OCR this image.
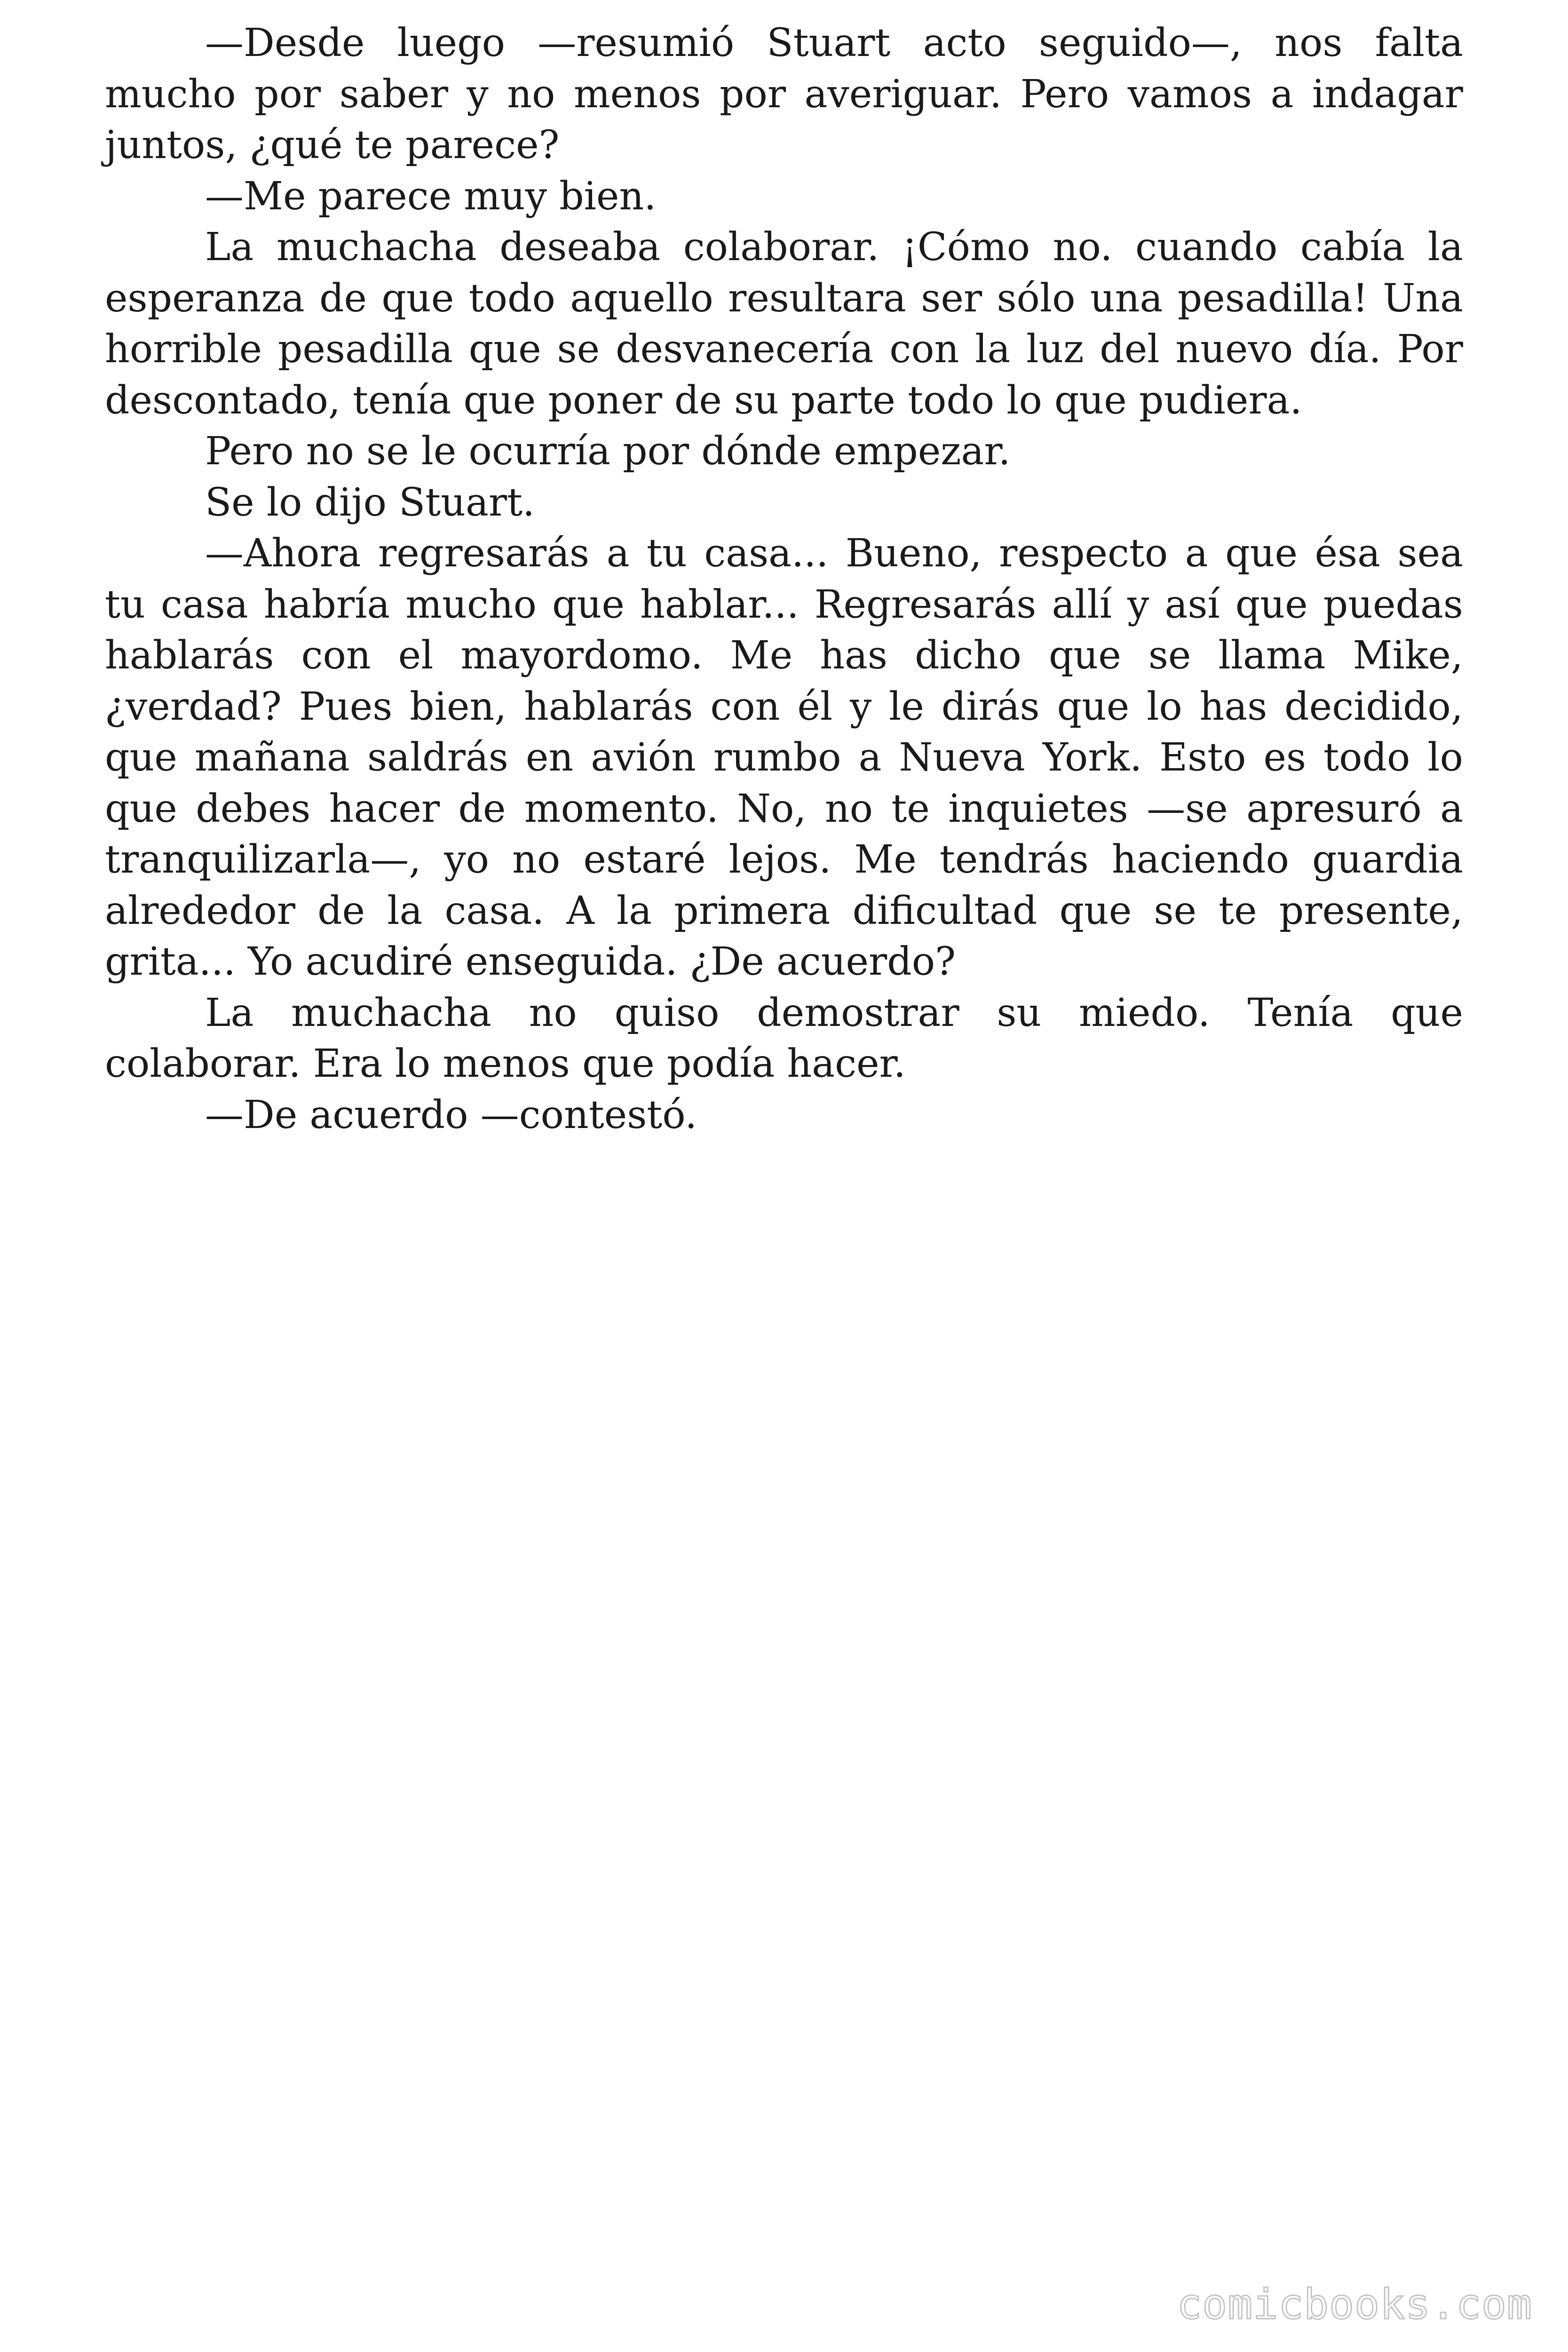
—Desde luego —resumió Stuart acto seguido—, nos falta mucho por saber y no menos por averiguar. Pero vamos a indagar juntos, ¿qué te parece?

—Me parece muy bien.

La muchacha deseaba colaborar. ¡Cómo no. cuando cabía la esperanza de que todo aquello resultara ser sólo una pesadilla! Una horrible pesadilla que se desvanecería con la luz del nuevo día. Por descontado, tenía que poner de su parte todo lo que pudiera.

Pero no se le ocurría por dónde empezar.

Se lo dijo Stuart.

—Ahora regresarás a tu casa... Bueno, respecto a que ésa sea tu casa habría mucho que hablar... Regresarás allí y así que puedas hablarás con el mayordomo. Me has dicho que se llama Mike, ¿verdad? Pues bien, hablarás con él y le dirás que lo has decidido, que mañana saldrás en avión rumbo a Nueva York. Esto es todo lo que debes hacer de momento. No, no te inquietes —se apresuró a tranquilizarla—, yo no estaré lejos. Me tendrás haciendo guardia alrededor de la casa. A la primera dificultad que se te presente, grita... Yo acudiré enseguida. ¿De acuerdo?

La muchacha no quiso demostrar su miedo. Tenía que colaborar. Era lo menos que podía hacer.

—De acuerdo —contestó.

comicbooks.com
